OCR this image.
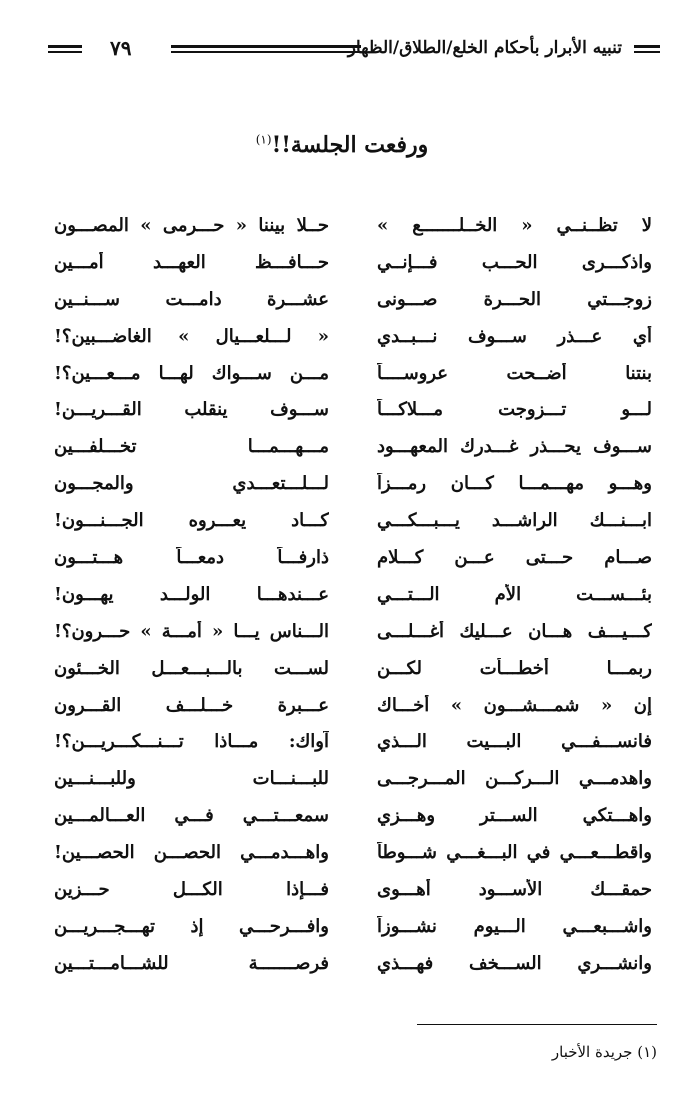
تنبيه الأبرار بأحكام الخلع/الطلاق/الظهار
٧٩
ورفعت الجلسة!!$^{(١)}$
لا تظــنــي « الخــلـــــــع »
حــلا بيننا « حـــرمى » المصـــون
واذكـــرى الحـــب فـــإنــي
حـــافـــظ العهـــد أمـــين
زوجـــتي الحـــرة صـــونى
عشـــرة دامـــت ســـنــين
أي عـــذر ســـوف نـــبــدي
« لـــلعـــيال » الغاضـــبين؟!
بنتنا أضــحت عروســــاً
مـــن ســـواك لهـــا مـــعـــين؟!
لـــو تـــزوجت مـــلاكـــاً
ســـوف ينقلب القـــريـــن!
ســـوف يحـــذر غـــدرك المعهـــود
مـــهـــمـــا تخـــلفـــين
وهـــو مهـــمـــا كـــان رمـــزاً
لـــلـــتعـــدي والمجـــون
ابـــنـــك الراشـــد يـــبـــكـــي
كـــاد يعـــروه الجـــنـــون!
صـــام حـــتى عـــن كـــلام
ذارفـــاً دمعـــاً هـــتـــون
بئـــســـت الأم الـــتـــي
عـــندهـــا الولـــد يهـــون!
كـــيـــف هـــان عـــليك أغـــلـــى
الـــناس يـــا « أمـــة » حـــرون؟!
ربمـــا أخطـــأت لكـــن
لســـت بالـــبـــعـــل الخـــئون
إن « شمـــشـــون » أخـــاك
عـــبرة خـــلـــف القـــرون
فانســـفـــي البـــيت الـــذي
آواك: مـــاذا تـــنـــكـــريـــن؟!
واهدمـــي الـــركـــن المـــرجـــى
للبـــنـــات وللبـــنـــين
واهـــتكي الســـتر وهـــزي
سمعـــتـــي فـــي العـــالمـــين
واقطـــعـــي في البـــغـــي شـــوطاً
واهـــدمـــي الحصـــن الحصـــين!
حمقـــك الأســـود أهـــوى
فـــإذا الكـــل حـــزين
واشـــبعـــي الـــيوم نشـــوزاً
وافـــرحـــي إذ تهـــجـــريـــن
وانشـــري الســـخف فهـــذي
فرصـــــــة للشـــامـــتـــين
(١) جريدة الأخبار
